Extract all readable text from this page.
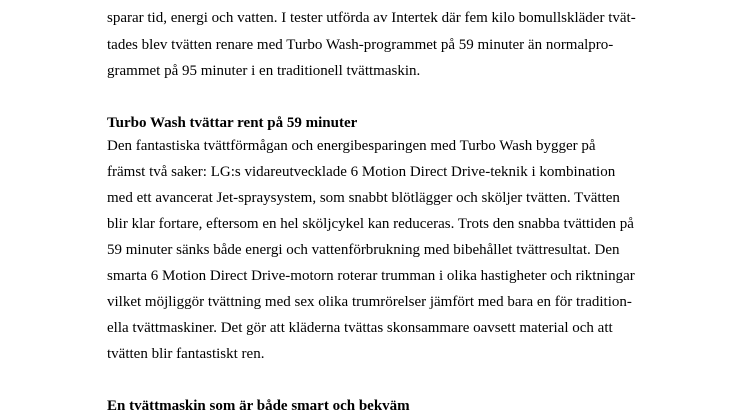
sparar tid, energi och vatten. I tester utförda av Intertek där fem kilo bomullskläder tvät-

tades blev tvätten renare med Turbo Wash-programmet på 59 minuter än normalpro-

grammet på 95 minuter i en traditionell tvättmaskin.

Turbo Wash tvättar rent på 59 minuter

Den fantastiska tvättförmågan och energibesparingen med Turbo Wash bygger på

främst två saker: LG:s vidareutvecklade 6 Motion Direct Drive-teknik i kombination

med ett avancerat Jet-spraysystem, som snabbt blötlägger och sköljer tvätten. Tvätten

blir klar fortare, eftersom en hel sköljcykel kan reduceras. Trots den snabba tvättiden på

59 minuter sänks både energi och vattenförbrukning med bibehållet tvättresultat. Den

smarta 6 Motion Direct Drive-motorn roterar trumman i olika hastigheter och riktningar

vilket möjliggör tvättning med sex olika trumrörelser jämfört med bara en för tradition-

ella tvättmaskiner. Det gör att kläderna tvättas skonsammare oavsett material och att

tvätten blir fantastiskt ren.

En tvättmaskin som är både smart och bekväm
